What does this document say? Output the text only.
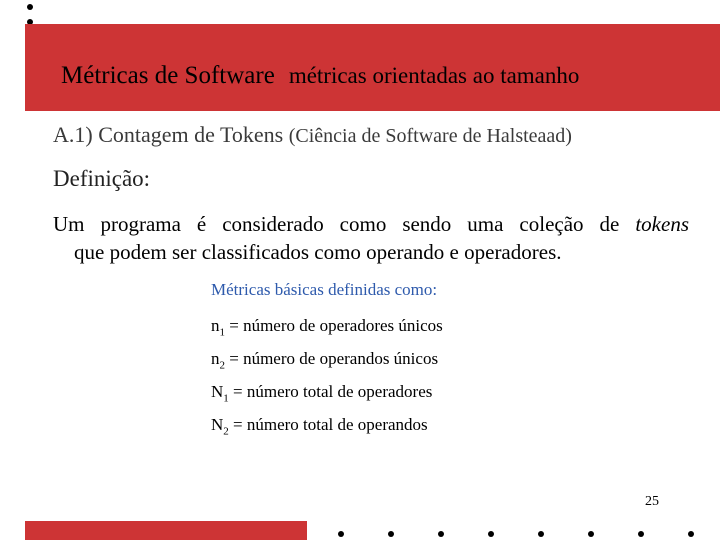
Métricas de Software métricas orientadas ao tamanho
A.1) Contagem de Tokens (Ciência de Software de Halsteaad)
Definição:
Um programa é considerado como sendo uma coleção de tokens
que podem ser classificados como operando e operadores.
Métricas básicas definidas como:
$n_1$ = número de operadores únicos
$n_2$ = número de operandos únicos
$N_1$ = número total de operadores
$N_2$ = número total de operandos
25
